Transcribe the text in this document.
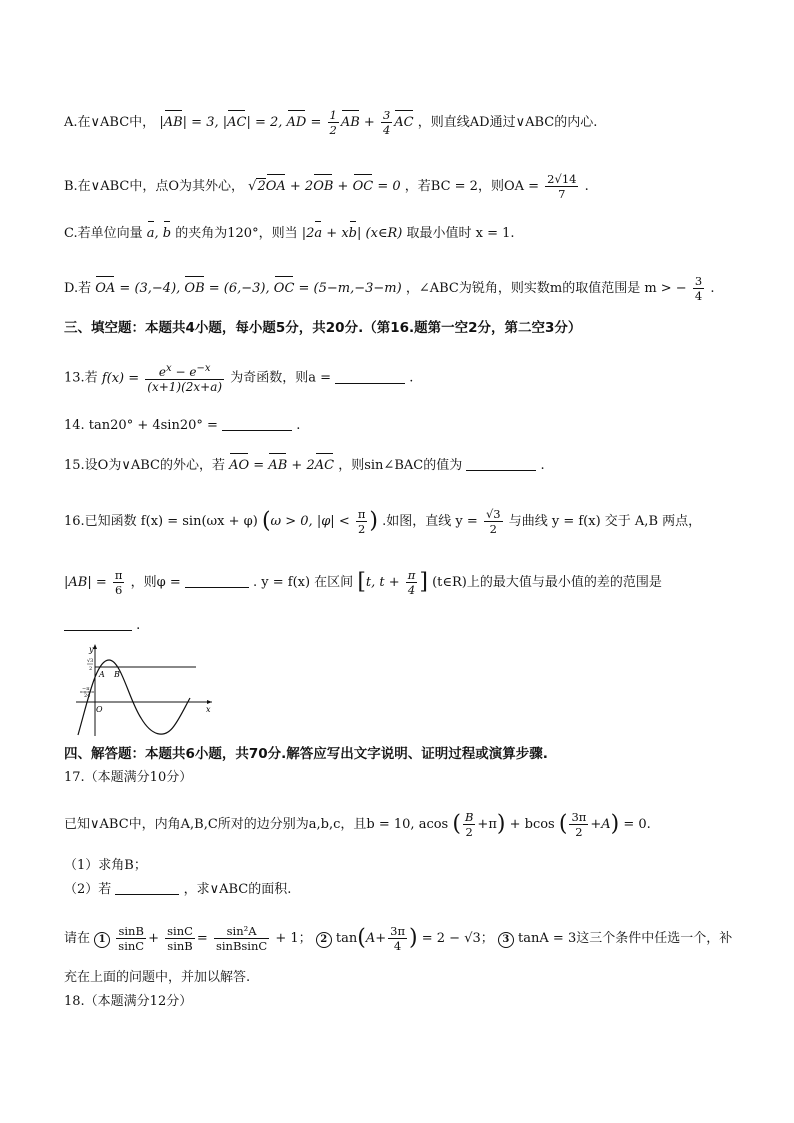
A.在∨ABC中， |AB| = 3, |AC| = 2, AD = $\frac{1}{2}$ AB + $\frac{3}{4}$ AC ，则直线AD通过∨ABC的内心.
B.在∨ABC中，点O为其外心， √2OA + 2OB + OC = 0 ，若BC = 2，则OA = $\frac{2√14}{7}$ .
C.若单位向量 a, b 的夹角为120°，则当 |2a + xb| (x∈R) 取最小值时 x = 1.
D.若 OA = (3,−4), OB = (6,−3), OC = (5−m,−3−m) ，∠ABC为锐角，则实数m的取值范围是 m > − $\frac{3}{4}$ .
三、填空题：本题共4小题，每小题5分，共20分.（第16.题第一空2分，第二空3分）
13.若 $f(x) = \frac{e^x - e^{-x}}{(x+1)(2x+a)}$ 为奇函数，则a =	.
14. tan20° + 4sin20° =	.
15.设O为∨ABC的外心，若 AO = AB + 2AC ，则sin∠BAC的值为	.
16.已知函数 f(x) = sin(ωx + φ) (ω > 0, $|\varphi| < \frac{\pi}{2}$ ) .如图，直线 $y = \frac{√3}{2}$ 与曲线 y = f(x) 交于 A,B 两点，
$|AB| = \frac{\pi}{6}$ ，则φ =	. y = f(x) 在区间 [t, $t + \frac{\pi}{4}$ ] (t∈R)上的最大值与最小值的差的范围是
.
y
x
O
A B
√3
2
−π
24
四、解答题：本题共6小题，共70分.解答应写出文字说明、证明过程或演算步骤.
17.（本题满分10分）
已知∨ABC中，内角A,B,C所对的边分别为a,b,c，且b = 10, acos ( $\frac{B}{2} +\pi) + bcos$ ( $\frac{3\pi}{2} +A) = 0$.
（1）求角B；
（2）若	，求∨ABC的面积.
请在 $1 \frac{\sin B}{\sin C} + \frac{\sin C}{\sin B} = \frac{\text{sin²A}}{\text{sinBsinC}} + 1$； 2 $\tan(A+ \frac{3\pi}{4}$ ) = 2 − √3； 3 tanA = 3这三个条件中任选一个，补
充在上面的问题中，并加以解答.
18.（本题满分12分）
